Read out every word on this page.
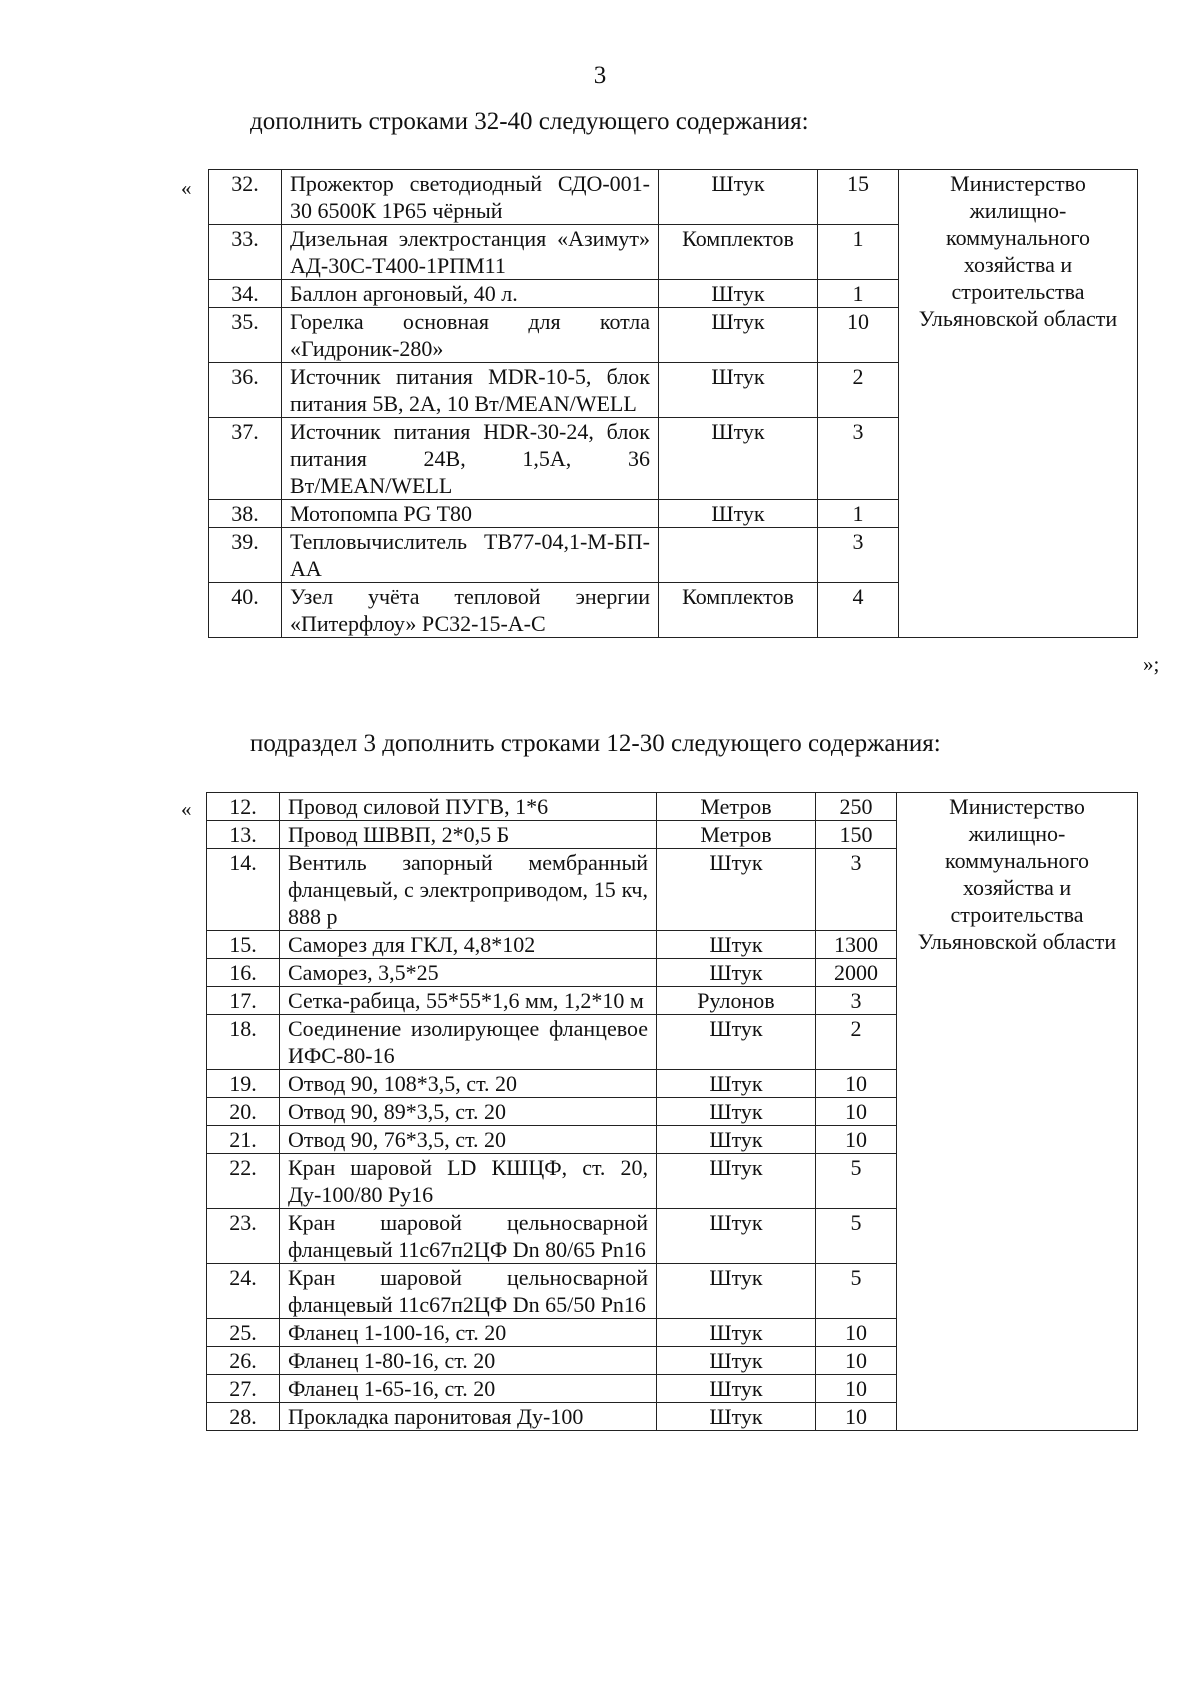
3
дополнить строками 32-40 следующего содержания:
« 32.	Прожектор светодиодный СДО-001-30 6500К 1Р65 чёрный	Штук	15	Министерство жилищно-коммунального хозяйства и строительства Ульяновской области
33.	Дизельная электростанция «Азимут» АД-30С-Т400-1РПМ11	Комплектов	1	
34.	Баллон аргоновый, 40 л.	Штук	1	
35.	Горелка основная для котла «Гидроник-280»	Штук	10	
36.	Источник питания MDR-10-5, блок питания 5В, 2А, 10 Вт/MEAN/WELL	Штук	2	
37.	Источник питания HDR-30-24, блок питания 24В, 1,5А, 36 Вт/MEAN/WELL	Штук	3	
38.	Мотопомпа PG T80	Штук	1	
39.	Тепловычислитель ТВ77-04,1-М-БП-АА		3	
40.	Узел учёта тепловой энергии «Питерфлоу» РС32-15-А-С	Комплектов	4	
»;
подраздел 3 дополнить строками 12-30 следующего содержания:
« 12.	Провод силовой ПУГВ, 1*6	Метров	250	Министерство жилищно-коммунального хозяйства и строительства Ульяновской области
13.	Провод ШВВП, 2*0,5 Б	Метров	150	
14.	Вентиль запорный мембранный фланцевый, с электроприводом, 15 кч, 888 р	Штук	3	
15.	Саморез для ГКЛ, 4,8*102	Штук	1300	
16.	Саморез, 3,5*25	Штук	2000	
17.	Сетка-рабица, 55*55*1,6 мм, 1,2*10 м	Рулонов	3	
18.	Соединение изолирующее фланцевое ИФС-80-16	Штук	2	
19.	Отвод 90, 108*3,5, ст. 20	Штук	10	
20.	Отвод 90, 89*3,5, ст. 20	Штук	10	
21.	Отвод 90, 76*3,5, ст. 20	Штук	10	
22.	Кран шаровой LD КШЦФ, ст. 20, Ду-100/80 Ру16	Штук	5	
23.	Кран шаровой цельносварной фланцевый 11с67п2ЦФ Dn 80/65 Pn16	Штук	5	
24.	Кран шаровой цельносварной фланцевый 11с67п2ЦФ Dn 65/50 Pn16	Штук	5	
25.	Фланец 1-100-16, ст. 20	Штук	10	
26.	Фланец 1-80-16, ст. 20	Штук	10	
27.	Фланец 1-65-16, ст. 20	Штук	10	
28.	Прокладка паронитовая Ду-100	Штук	10	
